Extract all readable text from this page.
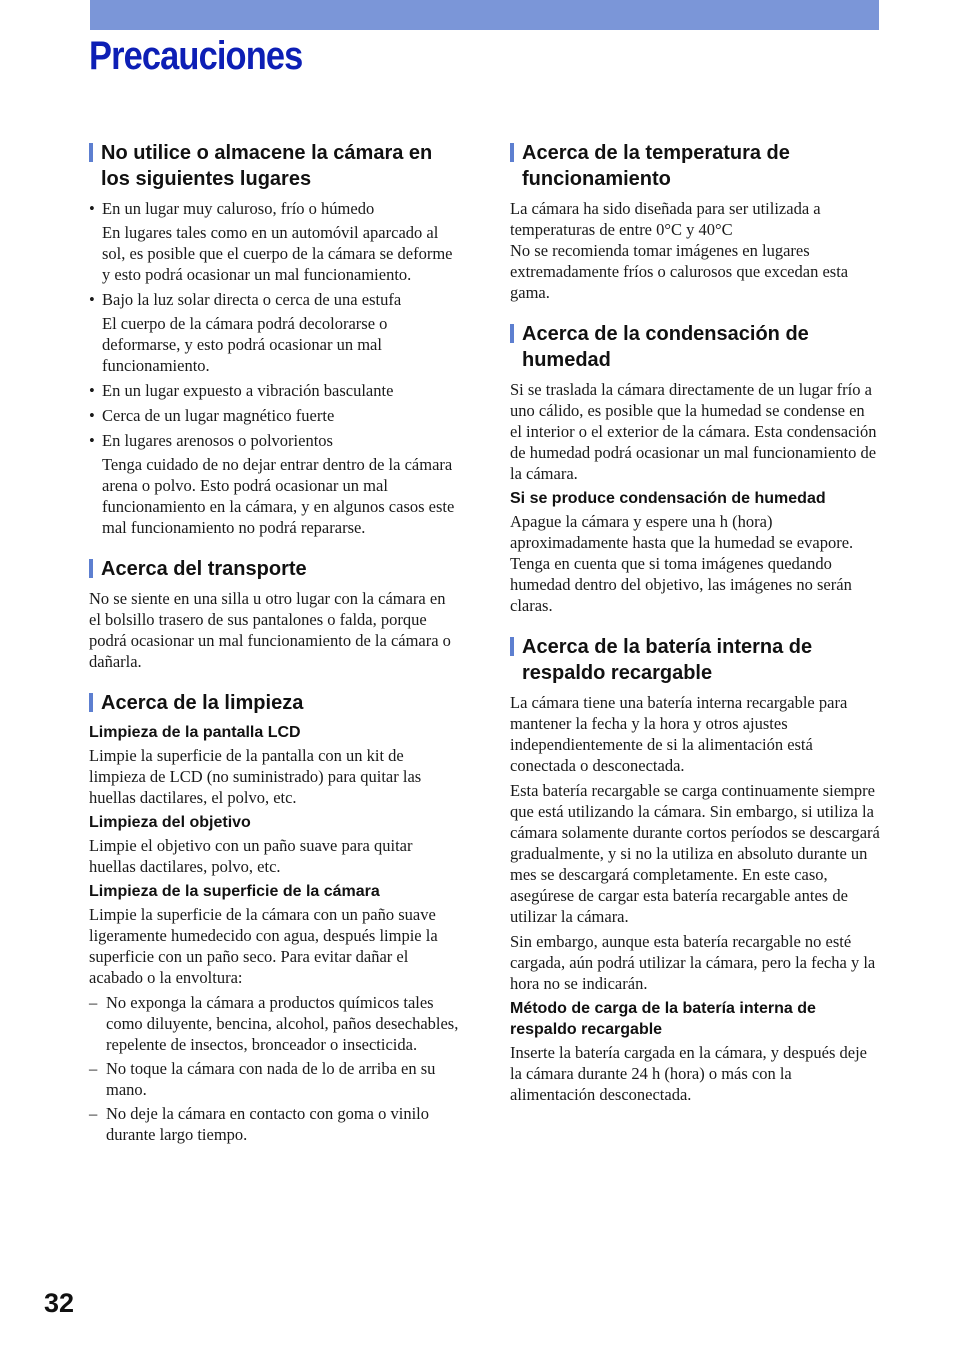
Precauciones
No utilice o almacene la cámara en los siguientes lugares
• En un lugar muy caluroso, frío o húmedo
En lugares tales como en un automóvil aparcado al sol, es posible que el cuerpo de la cámara se deforme y esto podrá ocasionar un mal funcionamiento.
• Bajo la luz solar directa o cerca de una estufa
El cuerpo de la cámara podrá decolorarse o deformarse, y esto podrá ocasionar un mal funcionamiento.
• En un lugar expuesto a vibración basculante
• Cerca de un lugar magnético fuerte
• En lugares arenosos o polvorientos
Tenga cuidado de no dejar entrar dentro de la cámara arena o polvo. Esto podrá ocasionar un mal funcionamiento en la cámara, y en algunos casos este mal funcionamiento no podrá repararse.
Acerca del transporte

No se siente en una silla u otro lugar con la cámara en el bolsillo trasero de sus pantalones o falda, porque podrá ocasionar un mal funcionamiento de la cámara o dañarla.

Acerca de la limpieza
Limpieza de la pantalla LCD

Limpie la superficie de la pantalla con un kit de limpieza de LCD (no suministrado) para quitar las huellas dactilares, el polvo, etc.

Limpieza del objetivo

Limpie el objetivo con un paño suave para quitar huellas dactilares, polvo, etc.

Limpieza de la superficie de la cámara

Limpie la superficie de la cámara con un paño suave ligeramente humedecido con agua, después limpie la superficie con un paño seco. Para evitar dañar el acabado o la envoltura:

– No exponga la cámara a productos químicos tales como diluyente, bencina, alcohol, paños desechables, repelente de insectos, bronceador o insecticida.
– No toque la cámara con nada de lo de arriba en su mano.
– No deje la cámara en contacto con goma o vinilo durante largo tiempo.
Acerca de la temperatura de funcionamiento

La cámara ha sido diseñada para ser utilizada a temperaturas de entre 0°C y 40°C

No se recomienda tomar imágenes en lugares extremadamente fríos o calurosos que excedan esta gama.

Acerca de la condensación de humedad

Si se traslada la cámara directamente de un lugar frío a uno cálido, es posible que la humedad se condense en el interior o el exterior de la cámara. Esta condensación de humedad podrá ocasionar un mal funcionamiento de la cámara.

Si se produce condensación de humedad

Apague la cámara y espere una h (hora) aproximadamente hasta que la humedad se evapore. Tenga en cuenta que si toma imágenes quedando humedad dentro del objetivo, las imágenes no serán claras.

Acerca de la batería interna de respaldo recargable

La cámara tiene una batería interna recargable para mantener la fecha y la hora y otros ajustes independientemente de si la alimentación está conectada o desconectada.

Esta batería recargable se carga continuamente siempre que está utilizando la cámara. Sin embargo, si utiliza la cámara solamente durante cortos períodos se descargará gradualmente, y si no la utiliza en absoluto durante un mes se descargará completamente. En este caso, asegúrese de cargar esta batería recargable antes de utilizar la cámara.

Sin embargo, aunque esta batería recargable no esté cargada, aún podrá utilizar la cámara, pero la fecha y la hora no se indicarán.

Método de carga de la batería interna de respaldo recargable

Inserte la batería cargada en la cámara, y después deje la cámara durante 24 h (hora) o más con la alimentación desconectada.

32
